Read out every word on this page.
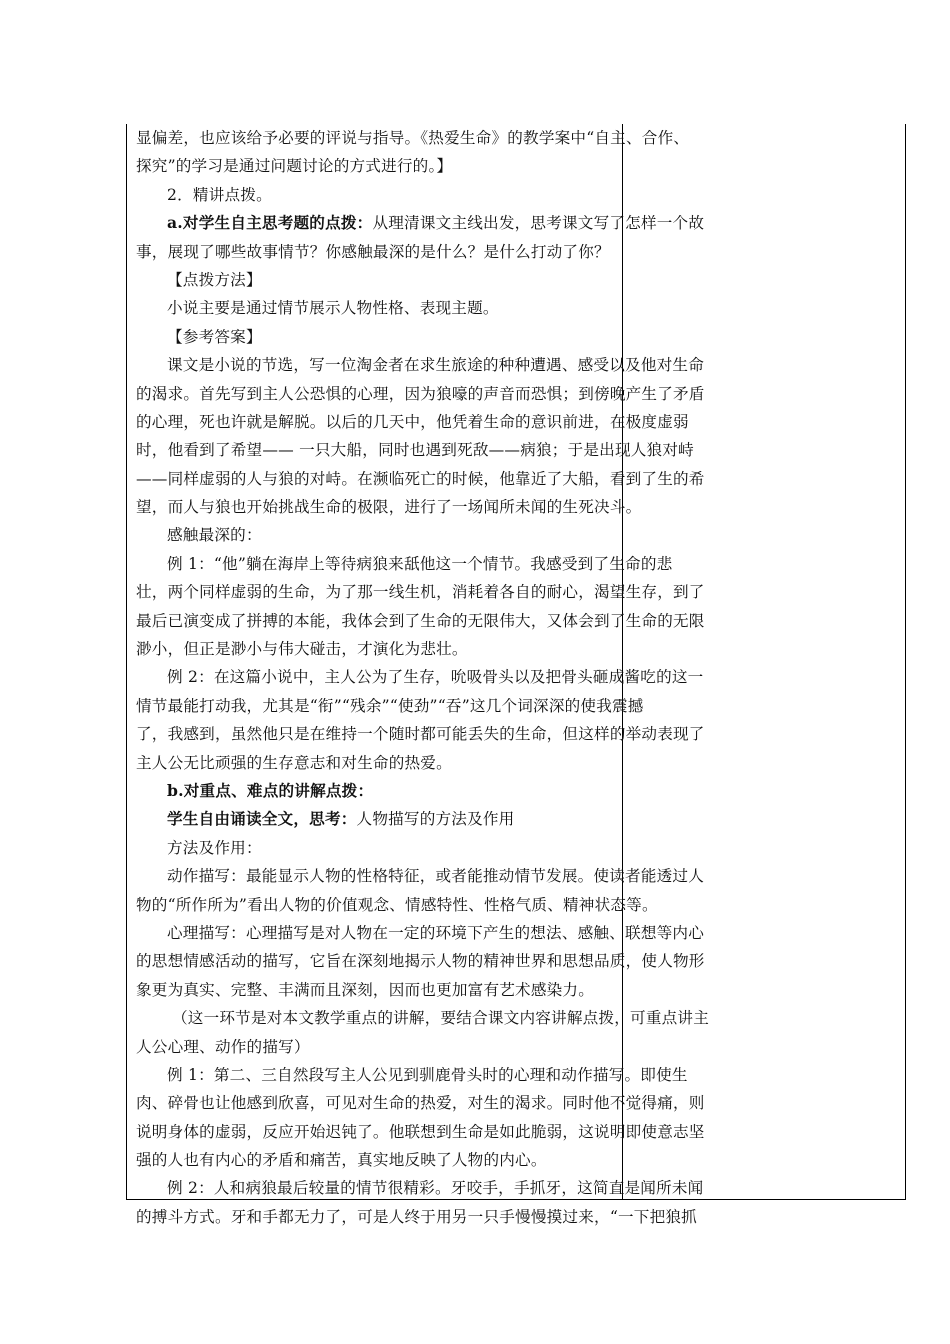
显偏差，也应该给予必要的评说与指导。《热爱生命》的教学案中“自主、合作、
探究”的学习是通过问题讨论的方式进行的。】
2．精讲点拨。
a.对学生自主思考题的点拨：从理清课文主线出发，思考课文写了怎样一个故
事，展现了哪些故事情节？你感触最深的是什么？是什么打动了你？
【点拨方法】
小说主要是通过情节展示人物性格、表现主题。
【参考答案】
课文是小说的节选，写一位淘金者在求生旅途的种种遭遇、感受以及他对生命
的渴求。首先写到主人公恐惧的心理，因为狼嚎的声音而恐惧；到傍晚产生了矛盾
的心理，死也许就是解脱。以后的几天中，他凭着生命的意识前进，在极度虚弱
时，他看到了希望—— 一只大船，同时也遇到死敌——病狼；于是出现人狼对峙
——同样虚弱的人与狼的对峙。在濒临死亡的时候，他靠近了大船，看到了生的希
望，而人与狼也开始挑战生命的极限，进行了一场闻所未闻的生死决斗。
感触最深的：
例 1：“他”躺在海岸上等待病狼来舐他这一个情节。我感受到了生命的悲
壮，两个同样虚弱的生命，为了那一线生机，消耗着各自的耐心，渴望生存，到了
最后已演变成了拼搏的本能，我体会到了生命的无限伟大，又体会到了生命的无限
渺小，但正是渺小与伟大碰击，才演化为悲壮。
例 2：在这篇小说中，主人公为了生存，吮吸骨头以及把骨头砸成酱吃的这一
情节最能打动我，尤其是“衔”“残余”“使劲”“吞”这几个词深深的使我震撼
了，我感到，虽然他只是在维持一个随时都可能丢失的生命，但这样的举动表现了
主人公无比顽强的生存意志和对生命的热爱。
b.对重点、难点的讲解点拨：
学生自由诵读全文，思考：人物描写的方法及作用
方法及作用：
动作描写：最能显示人物的性格特征，或者能推动情节发展。使读者能透过人
物的“所作所为”看出人物的价值观念、情感特性、性格气质、精神状态等。
心理描写：心理描写是对人物在一定的环境下产生的想法、感触、联想等内心
的思想情感活动的描写，它旨在深刻地揭示人物的精神世界和思想品质，使人物形
象更为真实、完整、丰满而且深刻，因而也更加富有艺术感染力。
（这一环节是对本文教学重点的讲解，要结合课文内容讲解点拨，可重点讲主
人公心理、动作的描写）
例 1：第二、三自然段写主人公见到驯鹿骨头时的心理和动作描写。即使生
肉、碎骨也让他感到欣喜，可见对生命的热爱，对生的渴求。同时他不觉得痛，则
说明身体的虚弱，反应开始迟钝了。他联想到生命是如此脆弱，这说明即使意志坚
强的人也有内心的矛盾和痛苦，真实地反映了人物的内心。
例 2：人和病狼最后较量的情节很精彩。牙咬手，手抓牙，这简直是闻所未闻
的搏斗方式。牙和手都无力了，可是人终于用另一只手慢慢摸过来，“一下把狼抓
